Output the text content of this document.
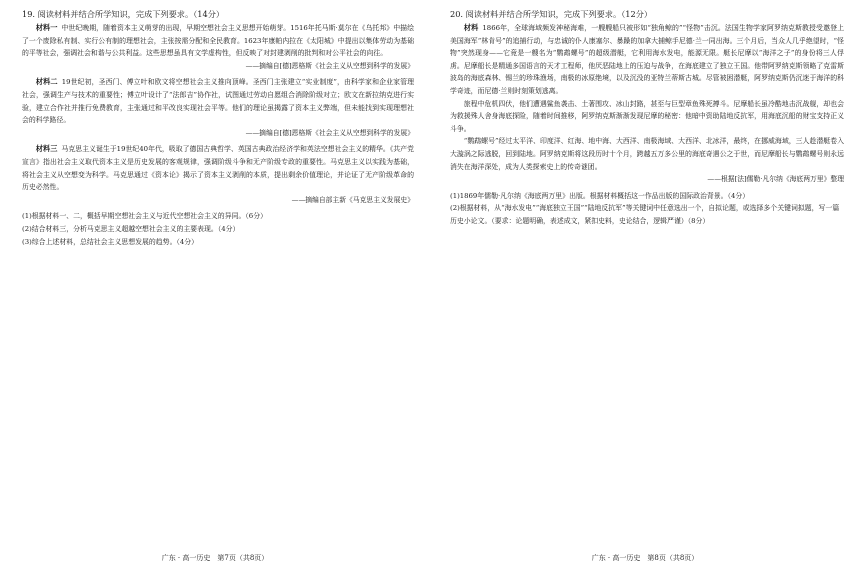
19. 阅读材料并结合所学知识，完成下列要求。（14分）

材料一 中世纪晚期，随着资本主义萌芽的出现，早期空想社会主义思想开始萌芽。1516年托马斯·莫尔在《乌托邦》中描绘了一个废除私有制、实行公有制的理想社会，主张按需分配和全民教育。1623年康帕内拉在《太阳城》中提出以集体劳动为基础的平等社会，强调社会和谐与公共利益。这些思想虽具有文学虚构性，但反映了对封建剥削的批判和对公平社会的向往。

——摘编自[德]恩格斯《社会主义从空想到科学的发展》

材料二 19世纪初，圣西门、傅立叶和欧文将空想社会主义推向顶峰。圣西门主张建立“实业制度”，由科学家和企业家管理社会，强调生产与技术的重要性；傅立叶设计了“法郎吉”协作社，试图通过劳动自愿组合消除阶级对立；欧文在新拉纳克进行实验，建立合作社并推行免费教育，主张通过和平改良实现社会平等。他们的理论虽揭露了资本主义弊端，但未能找到实现理想社会的科学路径。

——摘编自[德]恩格斯《社会主义从空想到科学的发展》

材料三 马克思主义诞生于19世纪40年代，吸取了德国古典哲学、英国古典政治经济学和英法空想社会主义的精华。《共产党宣言》指出社会主义取代资本主义是历史发展的客观规律，强调阶级斗争和无产阶级专政的重要性。马克思主义以实践为基础，将社会主义从空想变为科学。马克思通过《资本论》揭示了资本主义剥削的本质，提出剩余价值理论，并论证了无产阶级革命的历史必然性。

——摘编自部主新《马克思主义发展史》

(1)根据材料一、二，概括早期空想社会主义与近代空想社会主义的异同。（6分）

(2)结合材料三，分析马克思主义超越空想社会主义的主要表现。（4分）

(3)综合上述材料，总结社会主义思想发展的趋势。（4分）

广东 · 高一历史　第7页（共8页）

20. 阅读材料并结合所学知识，完成下列要求。（12分）

材料 1866年，全球海域频发神秘海难，一艘艘船只被形如“独角鲸的”“怪物”击沉。法国生物学家阿罗纳克斯教授受邀登上美国海军“林肯号”的追捕行动，与忠诚的仆人康塞尔、暴躁的加拿大捕鲸手尼德·兰一同出海。三个月后，当众人几乎绝望时，“怪物”突然现身——它竟是一艘名为“鹦鹉螺号”的超级潜艇，它利用海水发电，能源无限。艇长尼摩以“海洋之子”的身份将三人俘虏。尼摩船长是精通多国语言的天才工程师，他厌恶陆地上的压迫与战争，在海底建立了独立王国。他带阿罗纳克斯领略了克雷斯波岛的海底森林、锡兰的珍珠渔场，南极的冰原绝境，以及沉没的亚特兰蒂斯古城。尽管被困潜艇，阿罗纳克斯仍沉迷于海洋的科学奇迹，而尼德·兰则时刻策划逃离。

旅程中危机四伏，他们遭遇鲨鱼袭击、土著围攻、冰山封路，甚至与巨型章鱼殊死搏斗。尼摩船长虽冷酷地击沉战舰，却也会为救援殊人舍身海底探险，随着时间推移，阿罗纳克斯渐渐发现尼摩的秘密：他暗中资助陆地反抗军，用海底沉船的财宝支持正义斗争。

“鹦鹉螺号”经过太平洋、印度洋、红海、地中海、大西洋、南极海域、大西洋、北冰洋，最终，在挪威海域，三人趁潜艇卷入大漩涡之际逃脱，回到陆地。阿罗纳克斯将这段历时十个月，跨越五万多公里的海底奇遇公之于世，而尼摩船长与鹦鹉螺号则永远消失在海洋深处，成为人类探索史上的传奇谜团。

——根据[法]儒勒·凡尔纳《海底两万里》整理

(1)1869年儒勒·凡尔纳《海底两万里》出版。根据材料概括这一作品出版的国际政治背景。（4分）

(2)根据材料，从“海水发电”“海底独立王国”“陆地反抗军”等关键词中任意选出一个，自拟论题，或选择多个关键词拟题，写一篇历史小论文。（要求：论题明确，表述成文，紧扣史料，史论结合，逻辑严谨）（8分）

广东 · 高一历史　第8页（共8页）
